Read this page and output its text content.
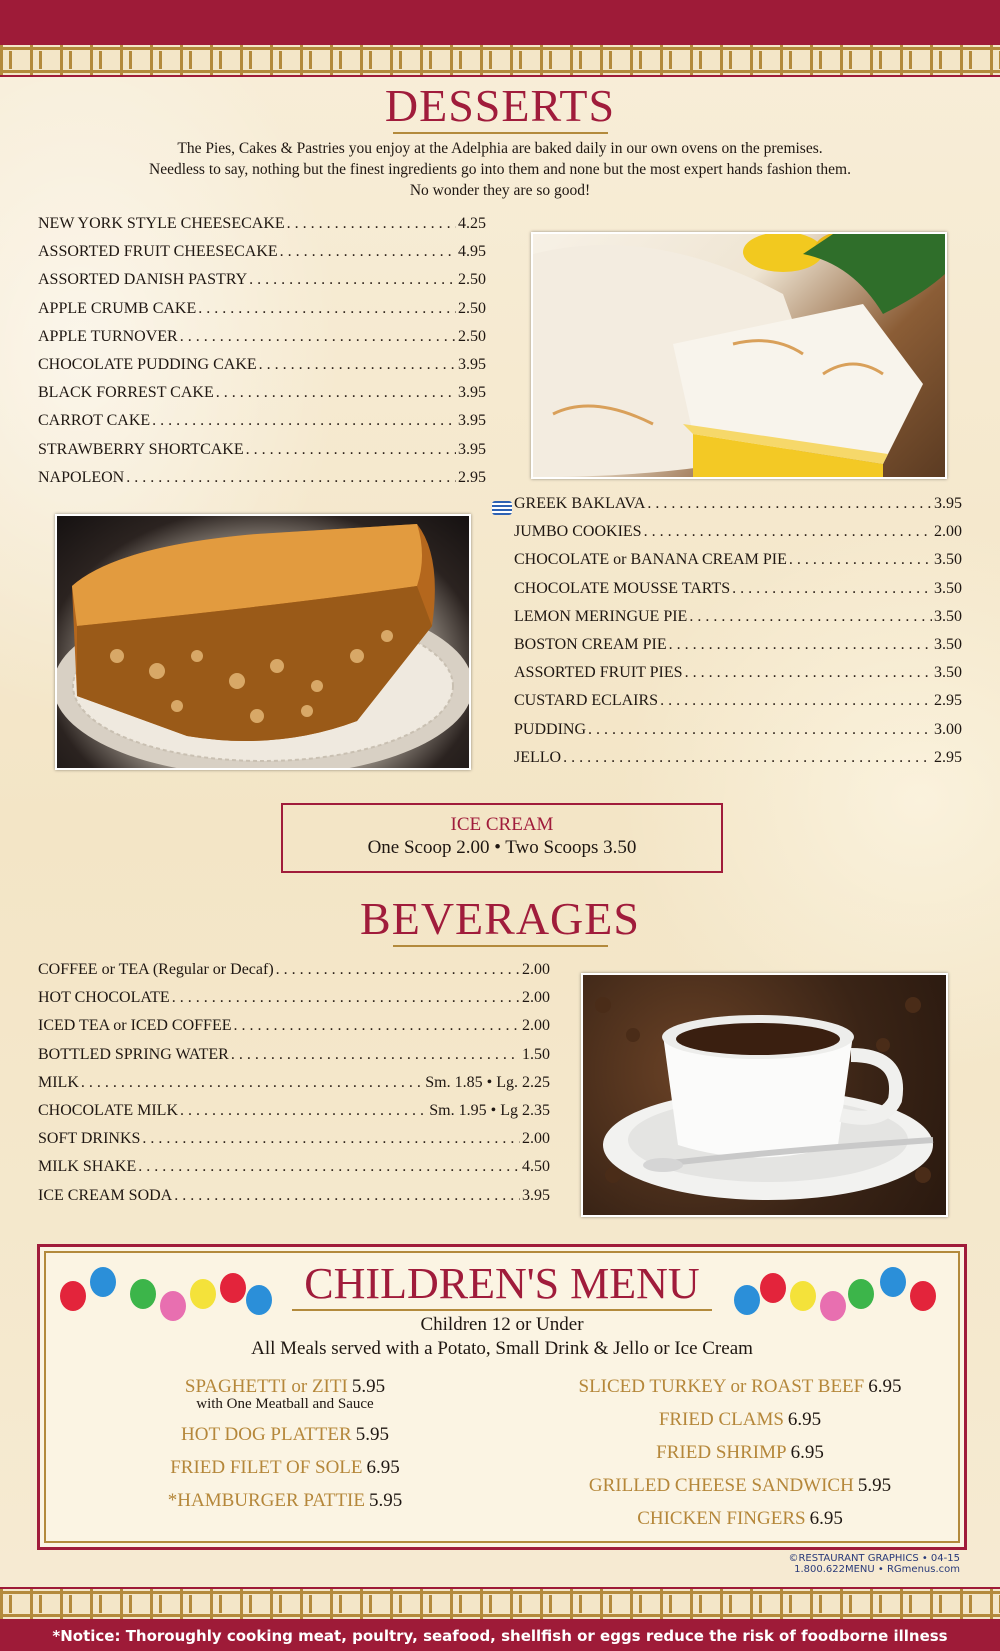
DESSERTS
The Pies, Cakes & Pastries you enjoy at the Adelphia are baked daily in our own ovens on the premises.
Needless to say, nothing but the finest ingredients go into them and none but the most expert hands fashion them.
No wonder they are so good!
NEW YORK STYLE CHEESECAKE . . .	4.25
ASSORTED FRUIT CHEESECAKE . . .	4.95
ASSORTED DANISH PASTRY . . .	2.50
APPLE CRUMB CAKE . . .	2.50
APPLE TURNOVER . . .	2.50
CHOCOLATE PUDDING CAKE . . .	3.95
BLACK FORREST CAKE . . .	3.95
CARROT CAKE . . .	3.95
STRAWBERRY SHORTCAKE . . .	3.95
NAPOLEON . . .	2.95
GREEK BAKLAVA . . .	3.95
JUMBO COOKIES . . .	2.00
CHOCOLATE or BANANA CREAM PIE . . .	3.50
CHOCOLATE MOUSSE TARTS . . .	3.50
LEMON MERINGUE PIE . . .	3.50
BOSTON CREAM PIE . . .	3.50
ASSORTED FRUIT PIES . . .	3.50
CUSTARD ECLAIRS . . .	2.95
PUDDING . . .	3.00
JELLO . . .	2.95
ICE CREAM
One Scoop 2.00 • Two Scoops 3.50
BEVERAGES
COFFEE or TEA (Regular or Decaf) . . .	2.00
HOT CHOCOLATE . . .	2.00
ICED TEA or ICED COFFEE . . .	2.00
BOTTLED SPRING WATER . . .	1.50
MILK . . .	Sm. 1.85 • Lg. 2.25
CHOCOLATE MILK . . .	Sm. 1.95 • Lg 2.35
SOFT DRINKS . . .	2.00
MILK SHAKE . . .	4.50
ICE CREAM SODA . . .	3.95
CHILDREN'S MENU
Children 12 or Under
All Meals served with a Potato, Small Drink & Jello or Ice Cream
SPAGHETTI or ZITI 5.95
with One Meatball and Sauce
HOT DOG PLATTER 5.95
FRIED FILET OF SOLE 6.95
*HAMBURGER PATTIE 5.95
SLICED TURKEY or ROAST BEEF 6.95
FRIED CLAMS 6.95
FRIED SHRIMP 6.95
GRILLED CHEESE SANDWICH 5.95
CHICKEN FINGERS 6.95
©RESTAURANT GRAPHICS • 04-15
1.800.622MENU • RGmenus.com
*Notice: Thoroughly cooking meat, poultry, seafood, shellfish or eggs reduce the risk of foodborne illness
